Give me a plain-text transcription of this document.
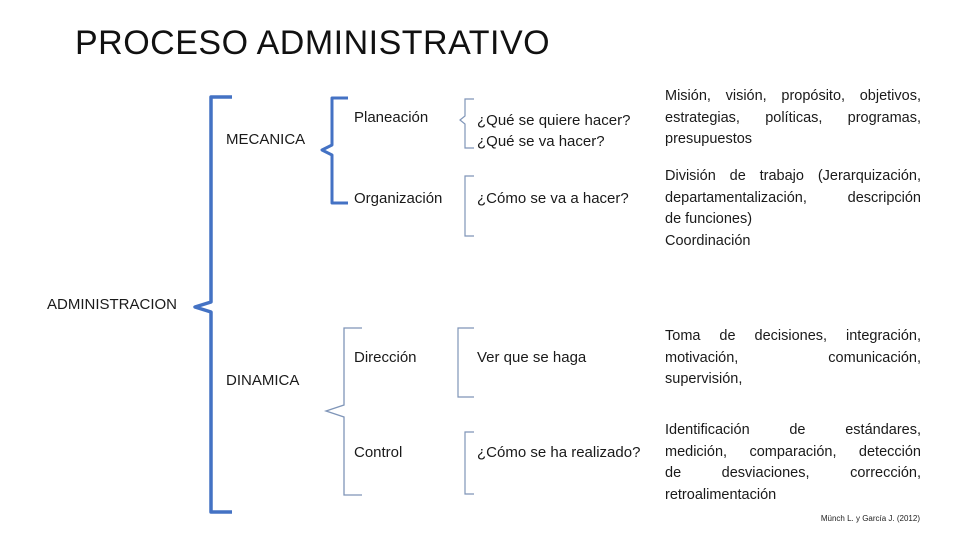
PROCESO ADMINISTRATIVO
ADMINISTRACION
MECANICA
DINAMICA
Planeación
Organización
Dirección
Control
¿Qué se quiere hacer?
¿Qué se va hacer?
¿Cómo se va a hacer?
Ver que se haga
¿Cómo se ha realizado?
Misión, visión, propósito, objetivos,
estrategias, políticas, programas,
presupuestos
División de trabajo (Jerarquización,
departamentalización, descripción
de funciones)
Coordinación
Toma de decisiones, integración,
motivación, comunicación,
supervisión,
Identificación de estándares,
medición, comparación, detección
de desviaciones, corrección,
retroalimentación
Münch L. y García J. (2012)
